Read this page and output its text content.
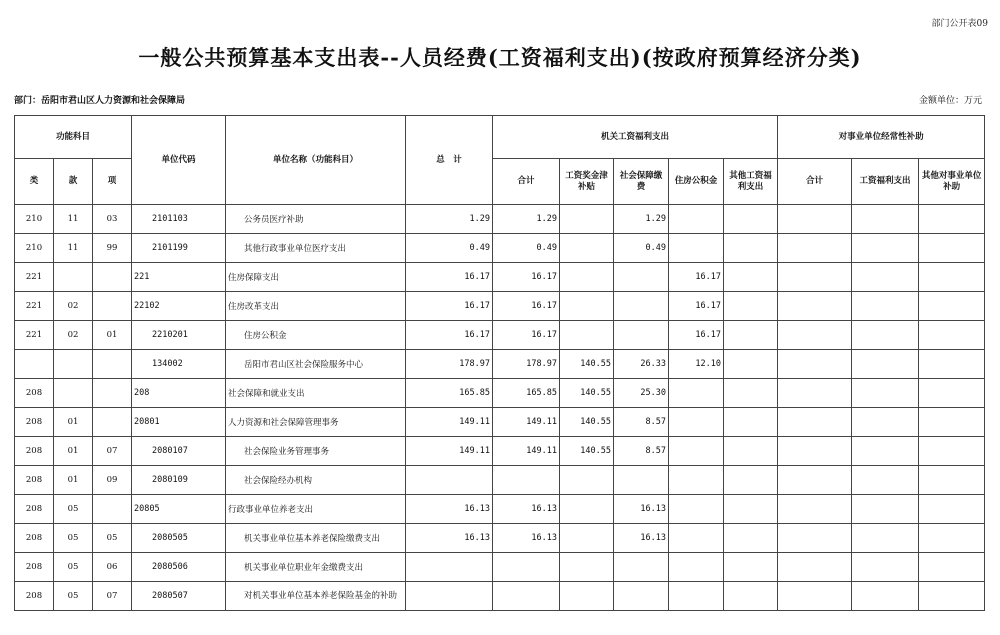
部门公开表09
一般公共预算基本支出表--人员经费(工资福利支出)(按政府预算经济分类)
部门：岳阳市君山区人力资源和社会保障局	金额单位：万元
功能科目			单位代码	单位名称（功能科目）	总　计	机关工资福利支出					对事业单位经常性补助		
类	款	项				合计	工资奖金津补贴	社会保障缴费	住房公积金	其他工资福利支出	合计	工资福利支出	其他对事业单位补助
210	11	03	2101103	公务员医疗补助	1.29	1.29		1.29					
210	11	99	2101199	其他行政事业单位医疗支出	0.49	0.49		0.49					
221			221	住房保障支出	16.17	16.17			16.17				
221	02		22102	住房改革支出	16.17	16.17			16.17				
221	02	01	2210201	住房公积金	16.17	16.17			16.17				
			134002	岳阳市君山区社会保险服务中心	178.97	178.97	140.55	26.33	12.10				
208			208	社会保障和就业支出	165.85	165.85	140.55	25.30					
208	01		20801	人力资源和社会保障管理事务	149.11	149.11	140.55	8.57					
208	01	07	2080107	社会保险业务管理事务	149.11	149.11	140.55	8.57					
208	01	09	2080109	社会保险经办机构									
208	05		20805	行政事业单位养老支出	16.13	16.13		16.13					
208	05	05	2080505	机关事业单位基本养老保险缴费支出	16.13	16.13		16.13					
208	05	06	2080506	机关事业单位职业年金缴费支出									
208	05	07	2080507	对机关事业单位基本养老保险基金的补助									
